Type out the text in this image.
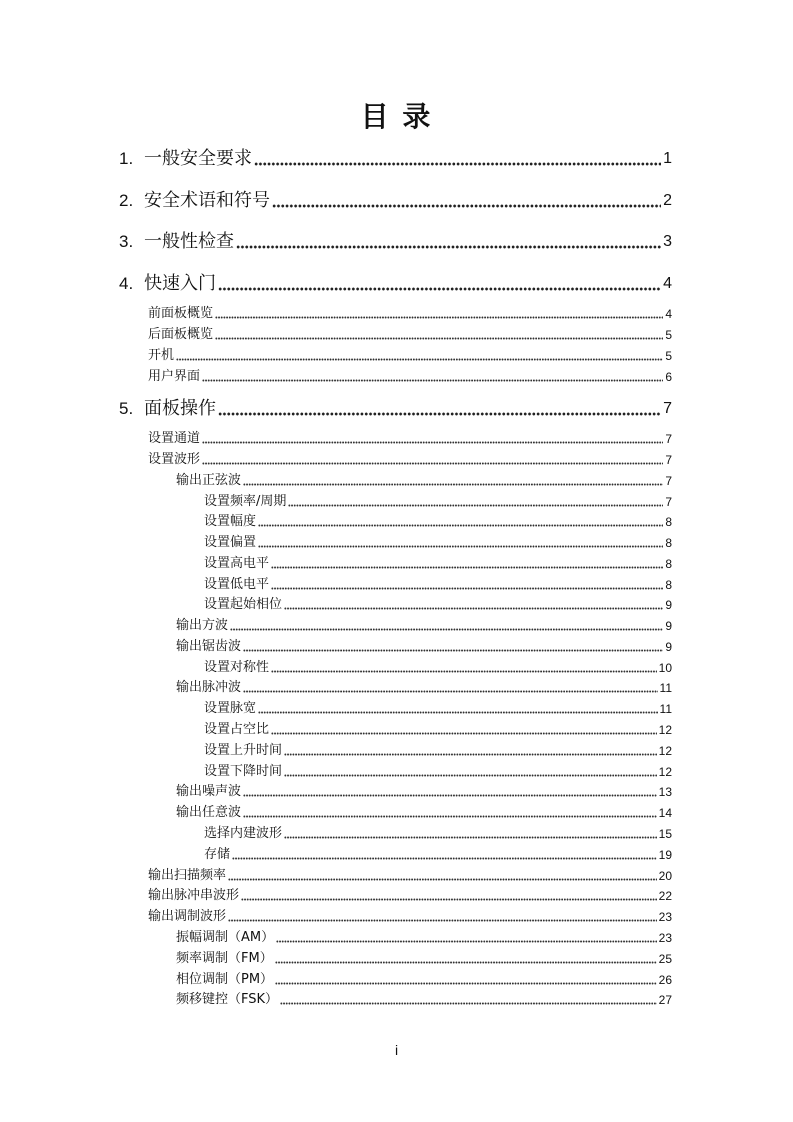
目 录
1. 一般安全要求	1
2. 安全术语和符号	2
3. 一般性检查	3
4. 快速入门	4
前面板概览	4
后面板概览	5
开机	5
用户界面	6
5. 面板操作	7
设置通道	7
设置波形	7
输出正弦波	7
设置频率/周期	7
设置幅度	8
设置偏置	8
设置高电平	8
设置低电平	8
设置起始相位	9
输出方波	9
输出锯齿波	9
设置对称性	10
输出脉冲波	11
设置脉宽	11
设置占空比	12
设置上升时间	12
设置下降时间	12
输出噪声波	13
输出任意波	14
选择内建波形	15
存储	19
输出扫描频率	20
输出脉冲串波形	22
输出调制波形	23
振幅调制（AM）	23
频率调制（FM）	25
相位调制（PM）	26
频移键控（FSK）	27
i
